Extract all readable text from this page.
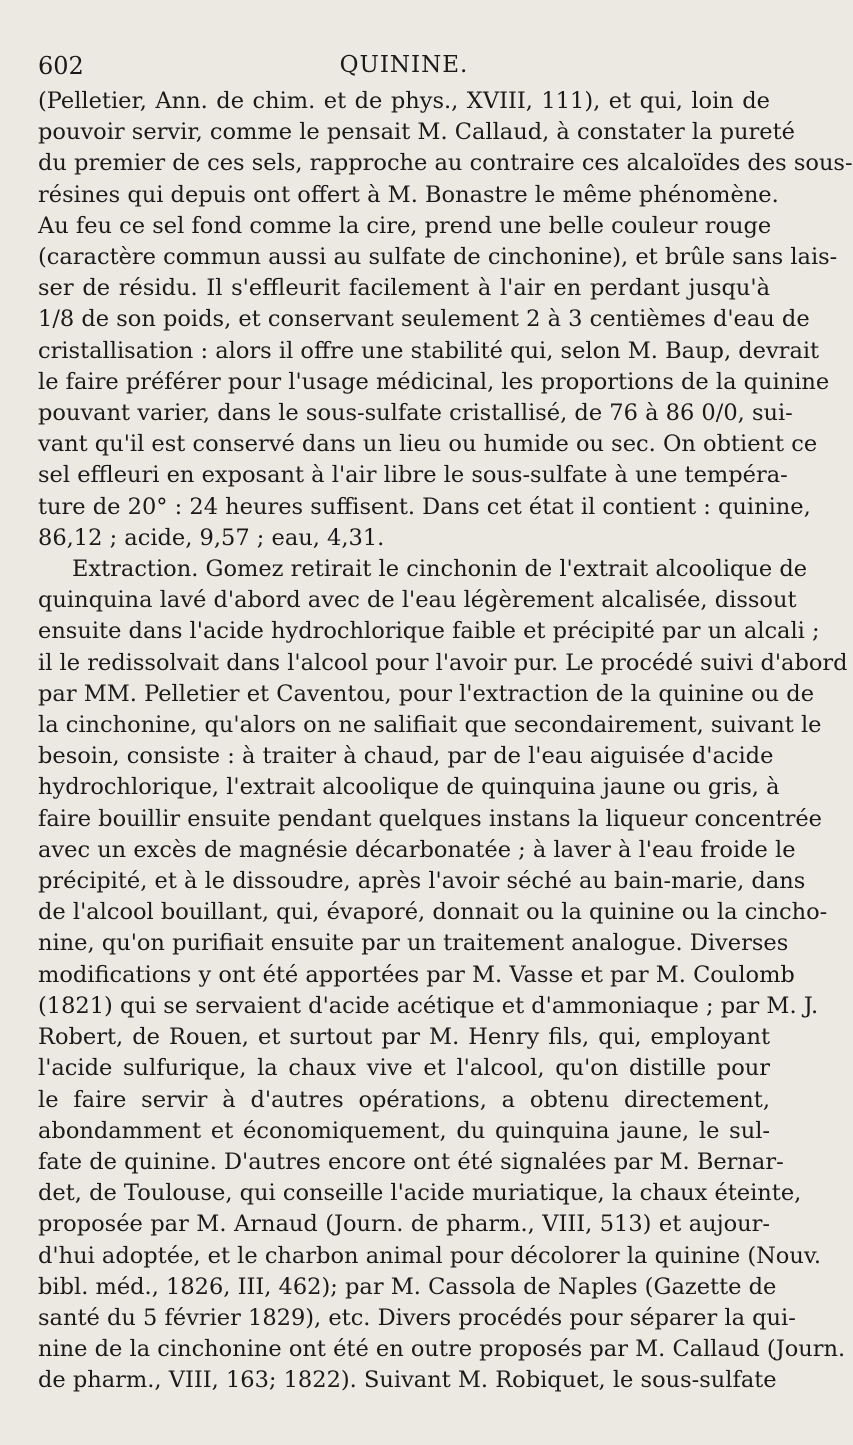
602	QUININE.

(Pelletier, Ann. de chim. et de phys., XVIII, 111), et qui, loin de
pouvoir servir, comme le pensait M. Callaud, à constater la pureté
du premier de ces sels, rapproche au contraire ces alcaloïdes des sous-
résines qui depuis ont offert à M. Bonastre le même phénomène.
Au feu ce sel fond comme la cire, prend une belle couleur rouge
(caractère commun aussi au sulfate de cinchonine), et brûle sans lais-
ser de résidu. Il s'effleurit facilement à l'air en perdant jusqu'à
1/8 de son poids, et conservant seulement 2 à 3 centièmes d'eau de
cristallisation : alors il offre une stabilité qui, selon M. Baup, devrait
le faire préférer pour l'usage médicinal, les proportions de la quinine
pouvant varier, dans le sous-sulfate cristallisé, de 76 à 86 0/0, sui-
vant qu'il est conservé dans un lieu ou humide ou sec. On obtient ce
sel effleuri en exposant à l'air libre le sous-sulfate à une tempéra-
ture de 20° : 24 heures suffisent. Dans cet état il contient : quinine,
86,12 ; acide, 9,57 ; eau, 4,31.

Extraction. Gomez retirait le cinchonin de l'extrait alcoolique de
quinquina lavé d'abord avec de l'eau légèrement alcalisée, dissout
ensuite dans l'acide hydrochlorique faible et précipité par un alcali ;
il le redissolvait dans l'alcool pour l'avoir pur. Le procédé suivi d'abord
par MM. Pelletier et Caventou, pour l'extraction de la quinine ou de
la cinchonine, qu'alors on ne salifiait que secondairement, suivant le
besoin, consiste : à traiter à chaud, par de l'eau aiguisée d'acide
hydrochlorique, l'extrait alcoolique de quinquina jaune ou gris, à
faire bouillir ensuite pendant quelques instans la liqueur concentrée
avec un excès de magnésie décarbonatée ; à laver à l'eau froide le
précipité, et à le dissoudre, après l'avoir séché au bain-marie, dans
de l'alcool bouillant, qui, évaporé, donnait ou la quinine ou la cincho-
nine, qu'on purifiait ensuite par un traitement analogue. Diverses
modifications y ont été apportées par M. Vasse et par M. Coulomb
(1821) qui se servaient d'acide acétique et d'ammoniaque ; par M. J.
Robert, de Rouen, et surtout par M. Henry fils, qui, employant
l'acide sulfurique, la chaux vive et l'alcool, qu'on distille pour
le faire servir à d'autres opérations, a obtenu directement,
abondamment et économiquement, du quinquina jaune, le sul-
fate de quinine. D'autres encore ont été signalées par M. Bernar-
det, de Toulouse, qui conseille l'acide muriatique, la chaux éteinte,
proposée par M. Arnaud (Journ. de pharm., VIII, 513) et aujour-
d'hui adoptée, et le charbon animal pour décolorer la quinine (Nouv.
bibl. méd., 1826, III, 462); par M. Cassola de Naples (Gazette de
santé du 5 février 1829), etc. Divers procédés pour séparer la qui-
nine de la cinchonine ont été en outre proposés par M. Callaud (Journ.
de pharm., VIII, 163; 1822). Suivant M. Robiquet, le sous-sulfate
